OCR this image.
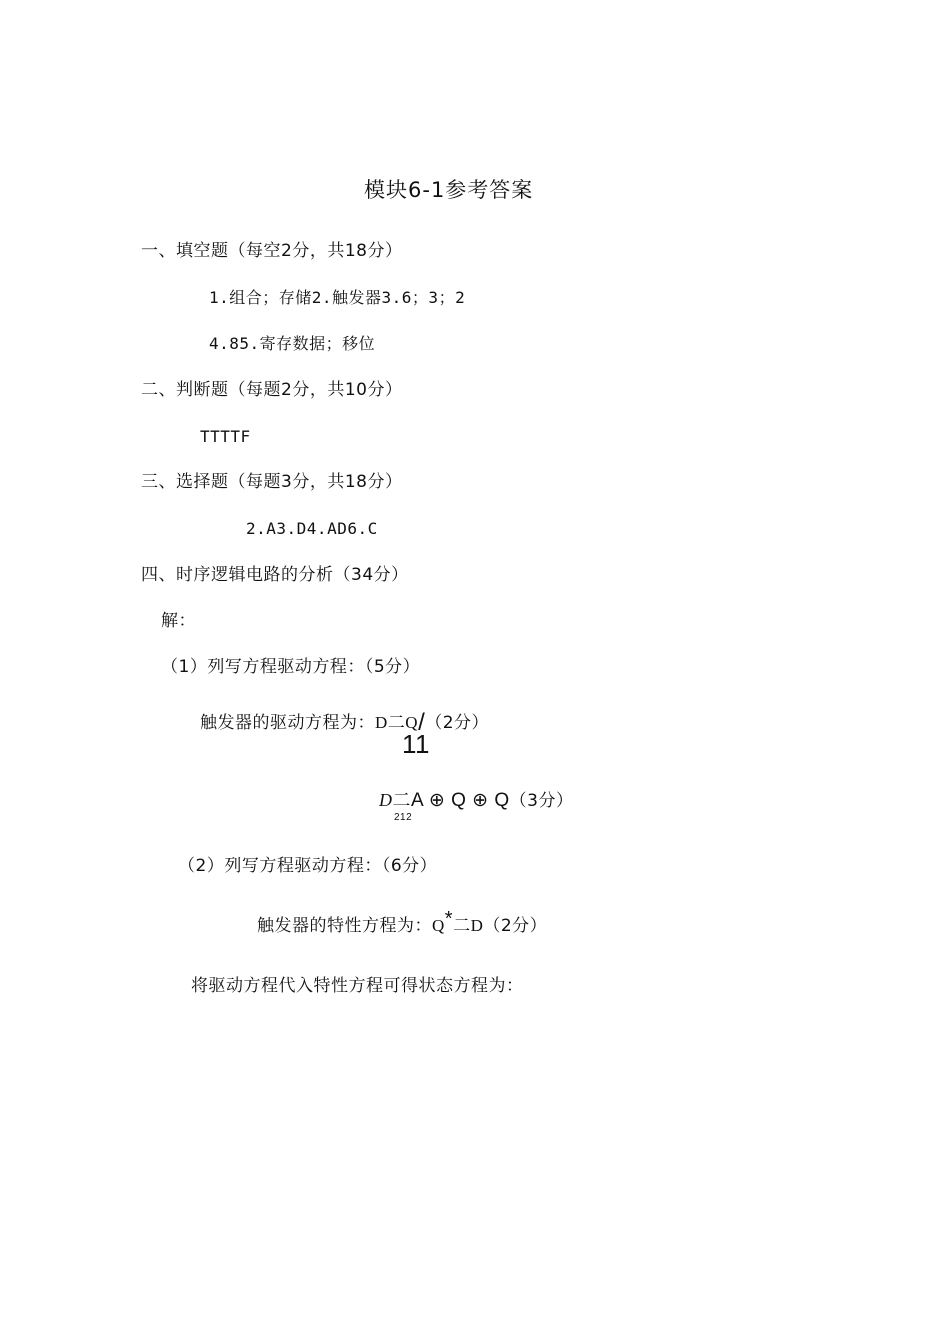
模块6-1参考答案
一、填空题（每空2分，共18分）
1.组合；存储2.触发器3.6；3；2
4.85.寄存数据；移位
二、判断题（每题2分，共10分）
TTTTF
三、选择题（每题3分，共18分）
2.A3.D4.AD6.C
四、时序逻辑电路的分析（34分）
解：
（1）列写方程驱动方程：（5分）
触发器的驱动方程为：D二Q/（2分）
11
D二A ⊕ Q ⊕ Q（3分）
212
（2）列写方程驱动方程：（6分）
触发器的特性方程为：Q*二D（2分）
将驱动方程代入特性方程可得状态方程为：
